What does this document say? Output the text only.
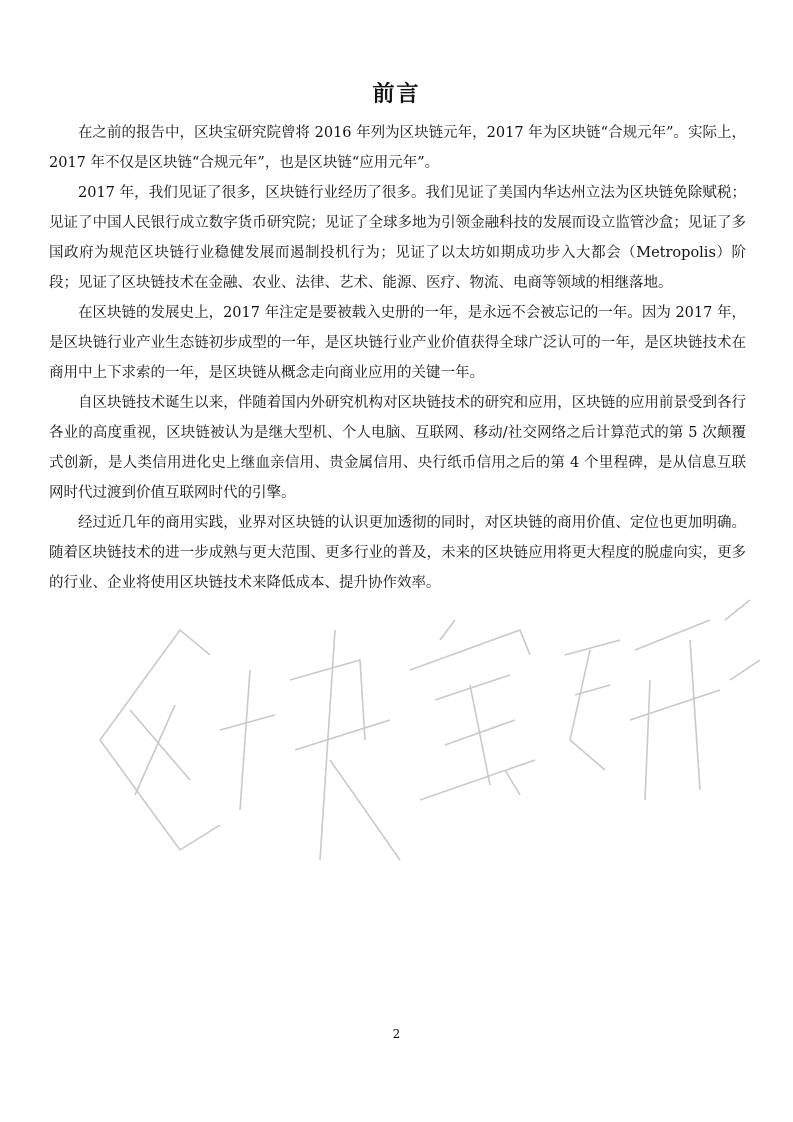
前言

在之前的报告中，区块宝研究院曾将 2016 年列为区块链元年，2017 年为区块链“合规元年”。实际上，2017 年不仅是区块链“合规元年”，也是区块链“应用元年”。

2017 年，我们见证了很多，区块链行业经历了很多。我们见证了美国内华达州立法为区块链免除赋税；见证了中国人民银行成立数字货币研究院；见证了全球多地为引领金融科技的发展而设立监管沙盒；见证了多国政府为规范区块链行业稳健发展而遏制投机行为；见证了以太坊如期成功步入大都会（Metropolis）阶段；见证了区块链技术在金融、农业、法律、艺术、能源、医疗、物流、电商等领域的相继落地。

在区块链的发展史上，2017 年注定是要被载入史册的一年，是永远不会被忘记的一年。因为 2017 年，是区块链行业产业生态链初步成型的一年，是区块链行业产业价值获得全球广泛认可的一年，是区块链技术在商用中上下求索的一年，是区块链从概念走向商业应用的关键一年。

自区块链技术诞生以来，伴随着国内外研究机构对区块链技术的研究和应用，区块链的应用前景受到各行各业的高度重视，区块链被认为是继大型机、个人电脑、互联网、移动/社交网络之后计算范式的第 5 次颠覆式创新，是人类信用进化史上继血亲信用、贵金属信用、央行纸币信用之后的第 4 个里程碑，是从信息互联网时代过渡到价值互联网时代的引擎。

经过近几年的商用实践，业界对区块链的认识更加透彻的同时，对区块链的商用价值、定位也更加明确。随着区块链技术的进一步成熟与更大范围、更多行业的普及，未来的区块链应用将更大程度的脱虚向实，更多的行业、企业将使用区块链技术来降低成本、提升协作效率。

2
